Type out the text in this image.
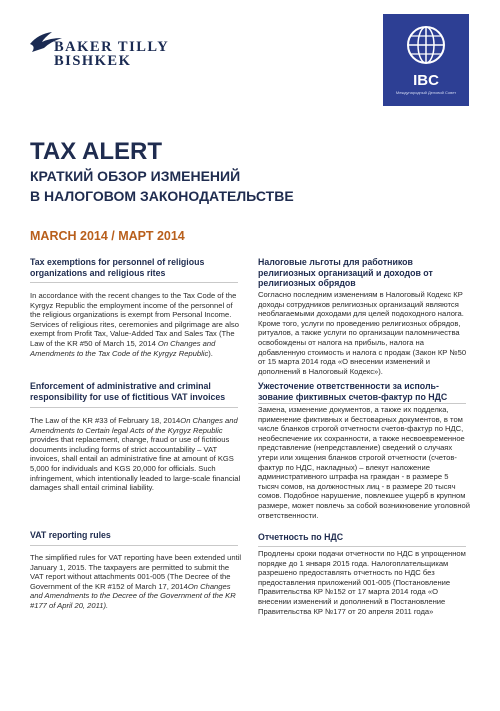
BAKER TILLY
BISHKEK
IBC
Международный Деловой Совет
TAX ALERT
КРАТКИЙ ОБЗОР ИЗМЕНЕНИЙ
В НАЛОГОВОМ ЗАКОНОДАТЕЛЬСТВЕ
MARCH 2014 / МАРТ 2014
Tax exemptions for personnel of religious organizations and religious rites
In accordance with the recent changes to the Tax Code of the Kyrgyz Republic the employment income of the personnel of the religious organizations is exempt from Personal Income. Services of religious rites, ceremonies and pilgrimage are also exempt from Profit Tax, Value-Added Tax and Sales Tax (The Law of the KR #50 of March 15, 2014 On Changes and Amendments to the Tax Code of the Kyrgyz Republic).
Enforcement of administrative and criminal responsibility for use of fictitious VAT invoices
The Law of the KR #33 of February 18, 2014On Changes and Amendments to Certain legal Acts of the Kyrgyz Republic provides that replacement, change, fraud or use of fictitious documents including forms of strict accountability – VAT invoices, shall entail an administrative fine at amount of KGS 5,000 for individuals and KGS 20,000 for officials. Such infringement, which intentionally leaded to large-scale financial damages shall entail criminal liability.
VAT reporting rules
The simplified rules for VAT reporting have been extended until January 1, 2015. The taxpayers are permitted to submit the VAT report without attachments 001-005 (The Decree of the Government of the KR #152 of March 17, 2014On Changes and Amendments to the Decree of the Government of the KR #177 of April 20, 2011).
Налоговые льготы для работников религиозных организаций и доходов от религиозных обрядов
Согласно последним изменениям в Налоговый Кодекс КР доходы сотрудников религиозных организаций являются необлагаемыми доходами для целей подоходного налога. Кроме того, услуги по проведению религиозных обрядов, ритуалов, а также услуги по организации паломничества освобождены от налога на прибыль, налога на добавленную стоимость и налога с продаж (Закон КР №50 от 15 марта 2014 года «О внесении изменений и дополнений в Налоговый Кодекс»).
Ужесточение ответственности за исполь-зование фиктивных счетов-фактур по НДС
Замена, изменение документов, а также их подделка, применение фиктивных и бестоварных документов, в том числе бланков строгой отчетности счетов-фактур по НДС, необеспечение их сохранности, а также несвоевременное представление (непредставление) сведений о случаях утери или хищения бланков строгой отчетности (счетов-фактур по НДС, накладных) – влекут наложение административного штрафа на граждан - в размере 5 тысяч сомов, на должностных лиц - в размере 20 тысяч сомов. Подобное нарушение, повлекшее ущерб в крупном размере, может повлечь за собой возникновение уголовной ответственности.
Отчетность по НДС
Продлены сроки подачи отчетности по НДС в упрощенном порядке до 1 января 2015 года. Налогоплательщикам разрешено предоставлять отчетность по НДС без предоставления приложений 001-005 (Постановление Правительства КР №152 от 17 марта 2014 года «О внесении изменений и дополнений в Постановление Правительства КР №177 от 20 апреля 2011 года»
